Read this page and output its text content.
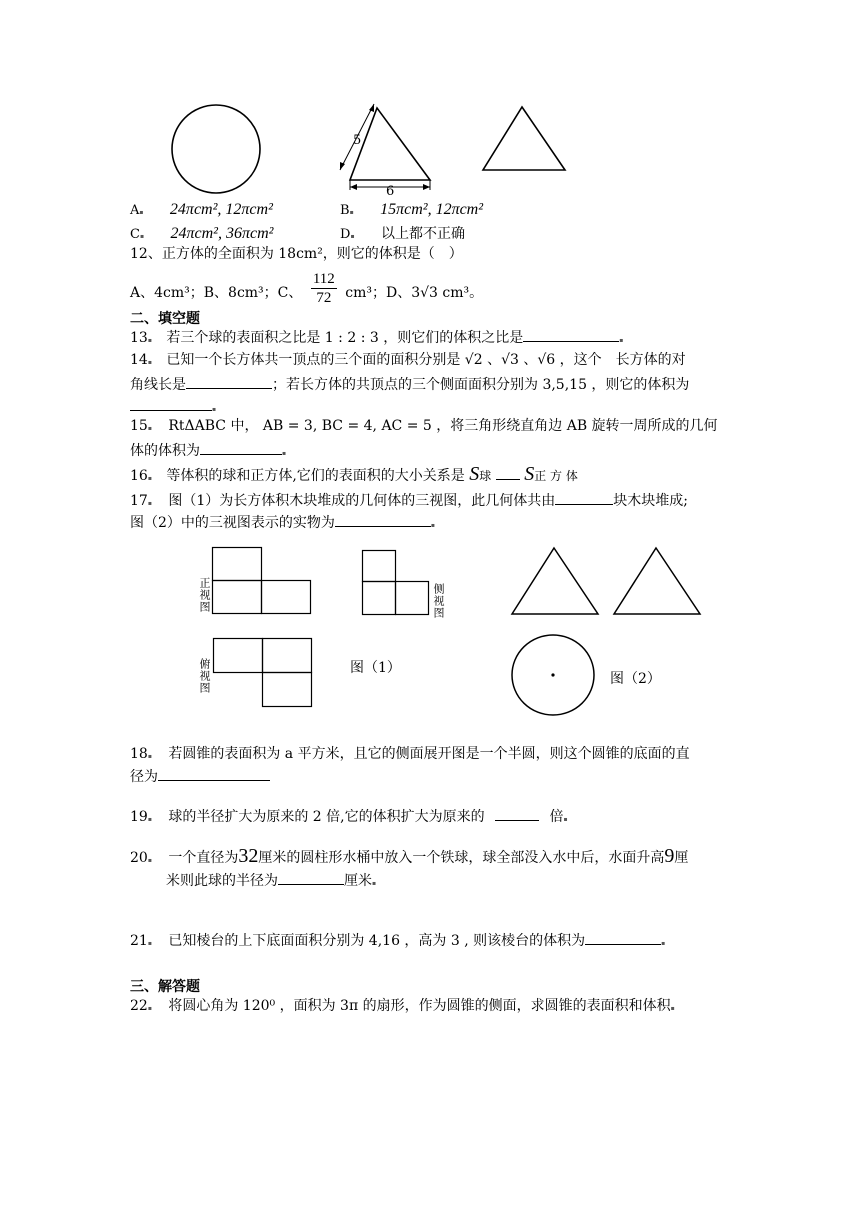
5
6
A▪ 24πcm², 12πcm²	B▪ 15πcm², 12πcm²
C▪ 24πcm², 36πcm²	D▪ 以上都不正确
12、正方体的全面积为 18cm²，则它的体积是（　）
A、4cm³；B、8cm³；C、 $\frac{112}{72} cm^3$；D、3√3 cm³。
二、填空题
13▪ 若三个球的表面积之比是 1 : 2 : 3 ，则它们的体积之比是	▪
14▪ 已知一个长方体共一顶点的三个面的面积分别是 √2 、√3 、√6 ，这个　长方体的对
角线长是	；若长方体的共顶点的三个侧面面积分别为 3,5,15 ，则它的体积为
▪
15▪ RtΔABC 中， AB = 3, BC = 4, AC = 5 ，将三角形绕直角边 AB 旋转一周所成的几何
体的体积为	▪
16▪ 等体积的球和正方体,它们的表面积的大小关系是 S球 S正 方 体
17▪ 图（1）为长方体积木块堆成的几何体的三视图，此几何体共由	块木块堆成;
图（2）中的三视图表示的实物为	▪
正视图	侧视图
俯视图	图（1）
图（2）
18▪ 若圆锥的表面积为 a 平方米，且它的侧面展开图是一个半圆，则这个圆锥的底面的直
径为
19▪ 球的半径扩大为原来的 2 倍,它的体积扩大为原来的	倍▪
20▪ 一个直径为32厘米的圆柱形水桶中放入一个铁球，球全部没入水中后，水面升高9厘
米则此球的半径为	厘米▪
21▪ 已知棱台的上下底面面积分别为 4,16 ，高为 3 , 则该棱台的体积为	▪
三、解答题
22▪ 将圆心角为 120⁰ ，面积为 3π 的扇形，作为圆锥的侧面，求圆锥的表面积和体积▪
